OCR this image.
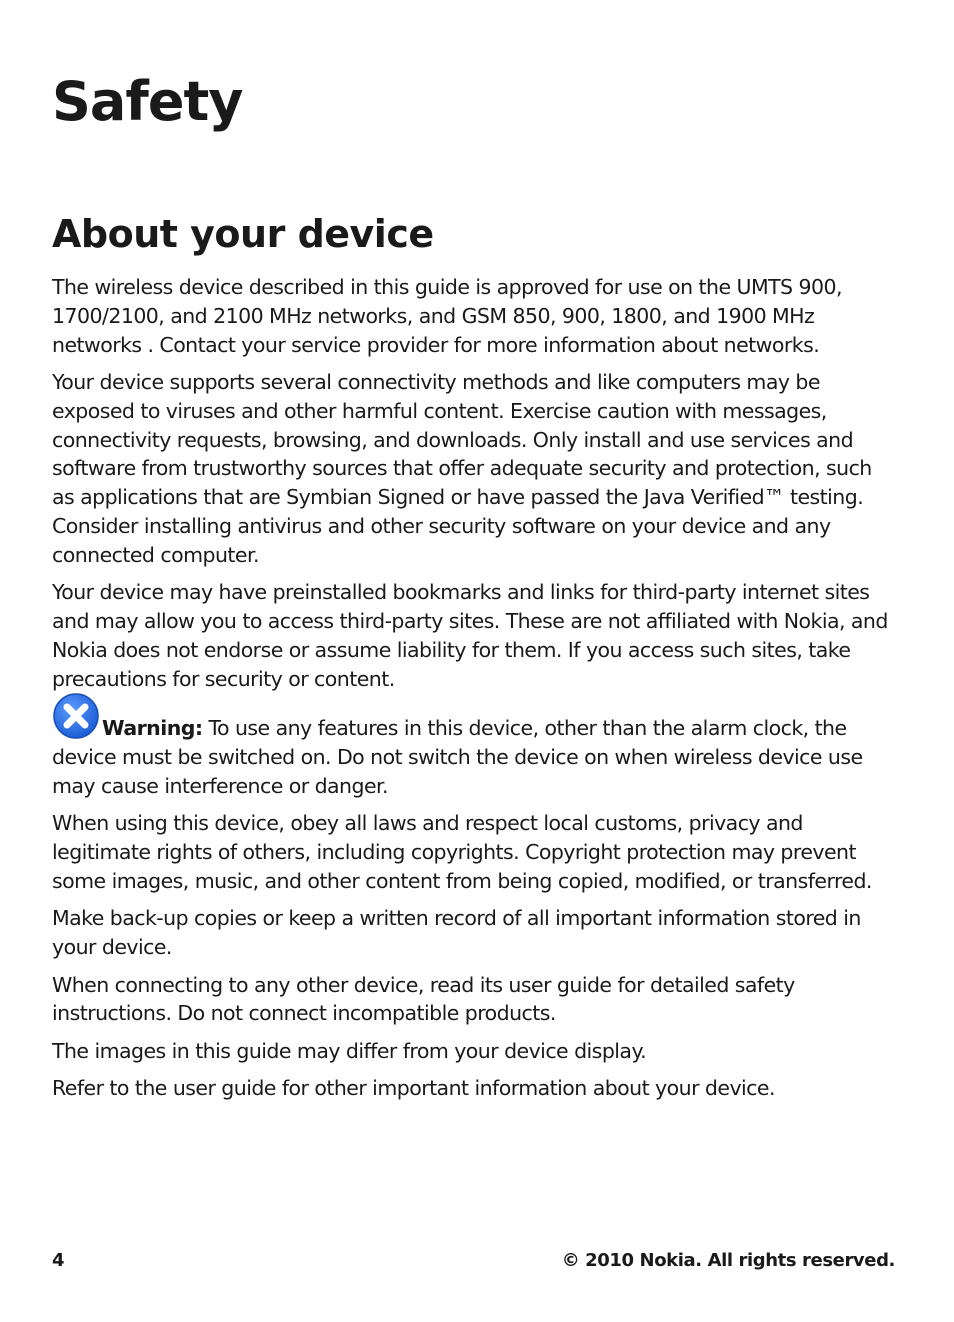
Safety
About your device

The wireless device described in this guide is approved for use on the UMTS 900, 1700/2100, and 2100 MHz networks, and GSM 850, 900, 1800, and 1900 MHz networks . Contact your service provider for more information about networks.

Your device supports several connectivity methods and like computers may be exposed to viruses and other harmful content. Exercise caution with messages, connectivity requests, browsing, and downloads. Only install and use services and software from trustworthy sources that offer adequate security and protection, such as applications that are Symbian Signed or have passed the Java Verified™ testing. Consider installing antivirus and other security software on your device and any connected computer.

Your device may have preinstalled bookmarks and links for third-party internet sites and may allow you to access third-party sites. These are not affiliated with Nokia, and Nokia does not endorse or assume liability for them. If you access such sites, take precautions for security or content.

Warning: To use any features in this device, other than the alarm clock, the device must be switched on. Do not switch the device on when wireless device use may cause interference or danger.

When using this device, obey all laws and respect local customs, privacy and legitimate rights of others, including copyrights. Copyright protection may prevent some images, music, and other content from being copied, modified, or transferred.

Make back-up copies or keep a written record of all important information stored in your device.

When connecting to any other device, read its user guide for detailed safety instructions. Do not connect incompatible products.

The images in this guide may differ from your device display.

Refer to the user guide for other important information about your device.

4	© 2010 Nokia. All rights reserved.
